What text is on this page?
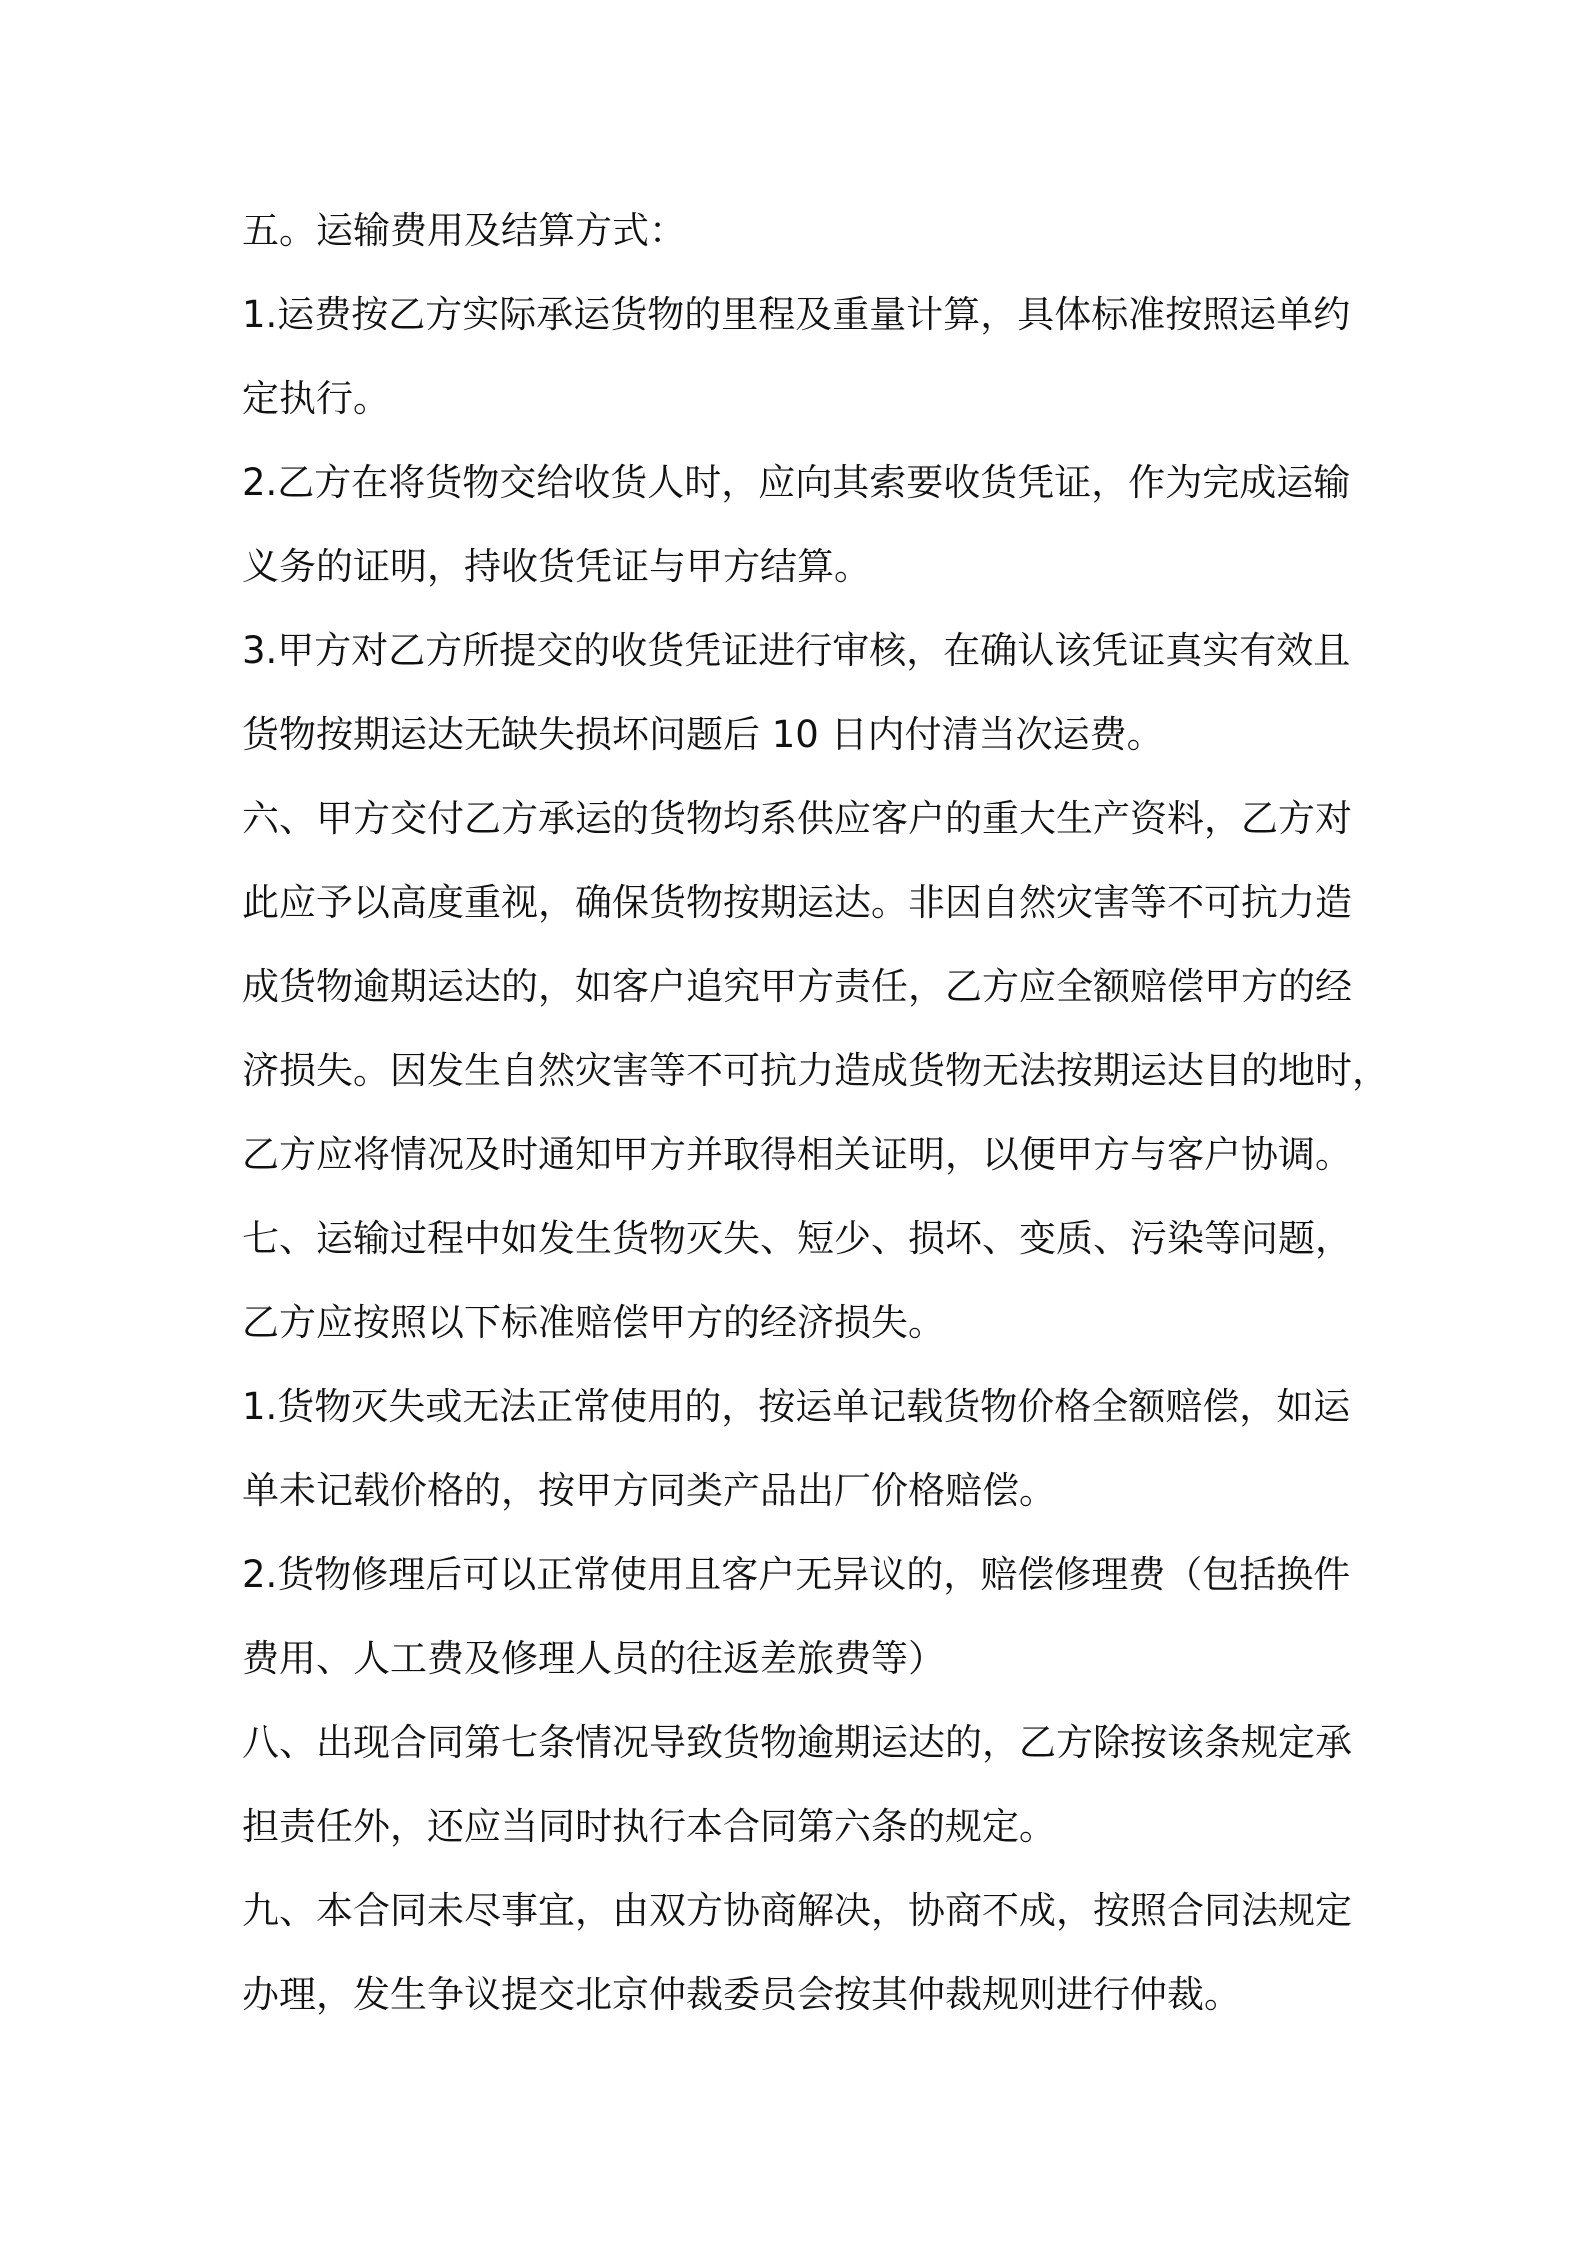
五。运输费用及结算方式：
1.运费按乙方实际承运货物的里程及重量计算，具体标准按照运单约
定执行。
2.乙方在将货物交给收货人时，应向其索要收货凭证，作为完成运输
义务的证明，持收货凭证与甲方结算。
3.甲方对乙方所提交的收货凭证进行审核，在确认该凭证真实有效且
货物按期运达无缺失损坏问题后 10 日内付清当次运费。
六、甲方交付乙方承运的货物均系供应客户的重大生产资料，乙方对
此应予以高度重视，确保货物按期运达。非因自然灾害等不可抗力造
成货物逾期运达的，如客户追究甲方责任，乙方应全额赔偿甲方的经
济损失。因发生自然灾害等不可抗力造成货物无法按期运达目的地时，
乙方应将情况及时通知甲方并取得相关证明，以便甲方与客户协调。
七、运输过程中如发生货物灭失、短少、损坏、变质、污染等问题，
乙方应按照以下标准赔偿甲方的经济损失。
1.货物灭失或无法正常使用的，按运单记载货物价格全额赔偿，如运
单未记载价格的，按甲方同类产品出厂价格赔偿。
2.货物修理后可以正常使用且客户无异议的，赔偿修理费（包括换件
费用、人工费及修理人员的往返差旅费等）
八、出现合同第七条情况导致货物逾期运达的，乙方除按该条规定承
担责任外，还应当同时执行本合同第六条的规定。
九、本合同未尽事宜，由双方协商解决，协商不成，按照合同法规定
办理，发生争议提交北京仲裁委员会按其仲裁规则进行仲裁。
